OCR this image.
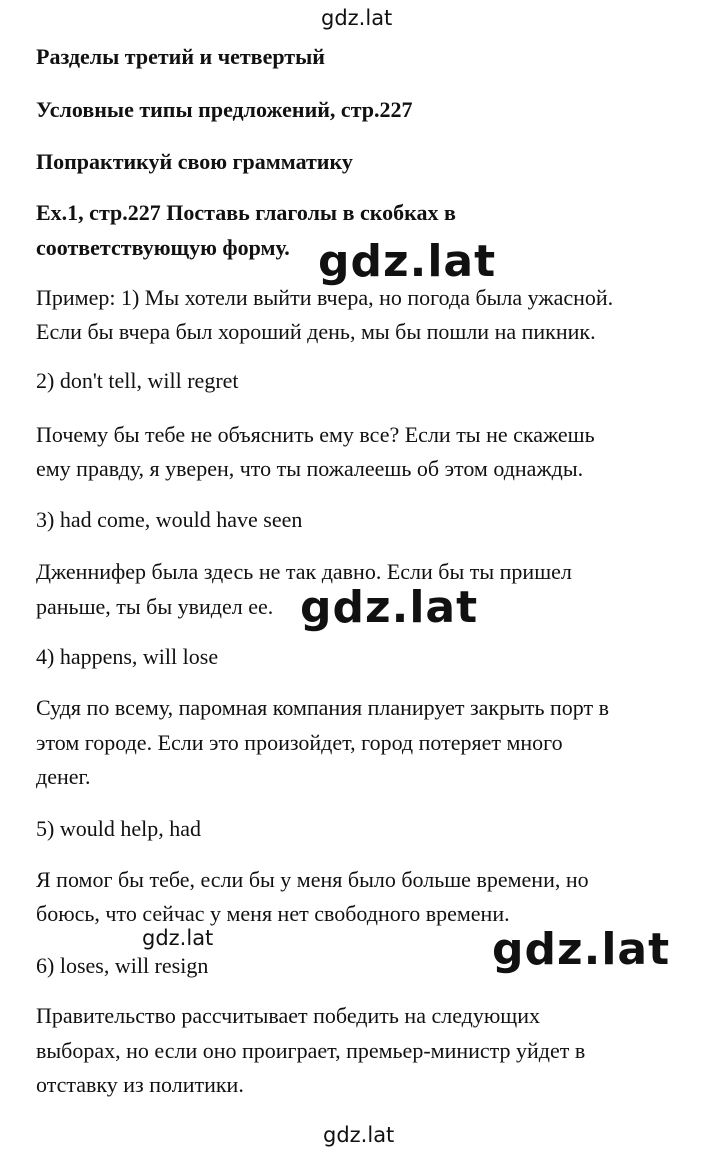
gdz.lat
gdz.lat
gdz.lat
gdz.lat	gdz.lat
gdz.lat
Разделы третий и четвертый
Условные типы предложений, стр.227
Попрактикуй свою грамматику
Ex.1, стр.227 Поставь глаголы в скобках в
соответствующую форму.
Пример: 1) Мы хотели выйти вчера, но погода была ужасной.
Если бы вчера был хороший день, мы бы пошли на пикник.
2) don't tell, will regret
Почему бы тебе не объяснить ему все? Если ты не скажешь
ему правду, я уверен, что ты пожалеешь об этом однажды.
3) had come, would have seen
Дженнифер была здесь не так давно. Если бы ты пришел
раньше, ты бы увидел ее.
4) happens, will lose
Судя по всему, паромная компания планирует закрыть порт в
этом городе. Если это произойдет, город потеряет много
денег.
5) would help, had
Я помог бы тебе, если бы у меня было больше времени, но
боюсь, что сейчас у меня нет свободного времени.
6) loses, will resign
Правительство рассчитывает победить на следующих
выборах, но если оно проиграет, премьер-министр уйдет в
отставку из политики.
